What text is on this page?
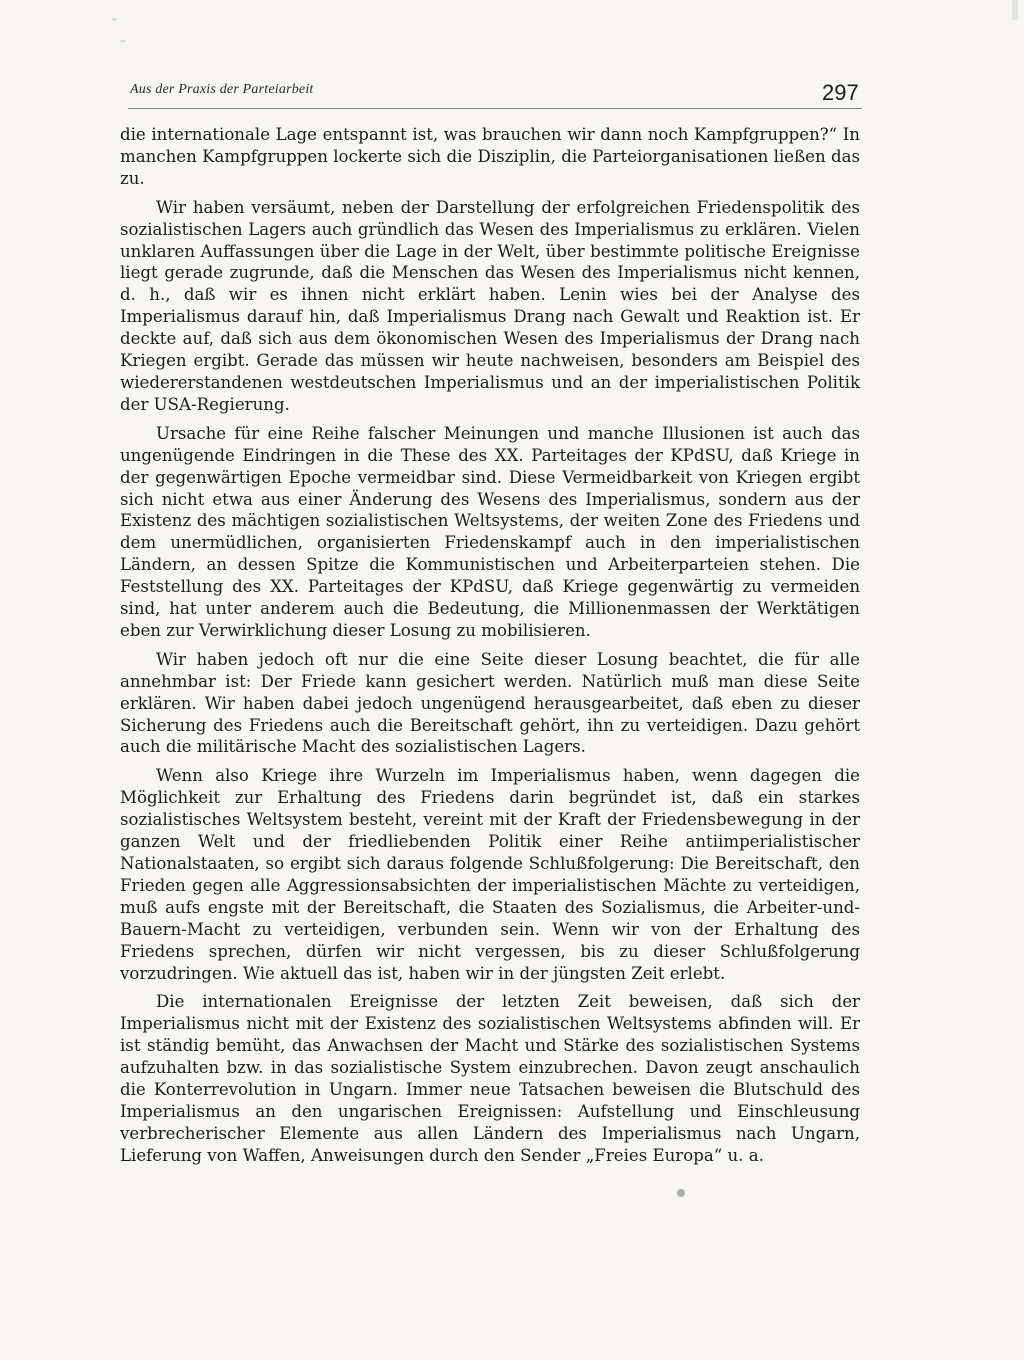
Aus der Praxis der Parteiarbeit	297

die internationale Lage entspannt ist, was brauchen wir dann noch Kampfgruppen?“ In manchen Kampfgruppen lockerte sich die Disziplin, die Parteiorganisationen ließen das zu.

Wir haben versäumt, neben der Darstellung der erfolgreichen Friedenspolitik des sozialistischen Lagers auch gründlich das Wesen des Imperialismus zu erklären. Vielen unklaren Auffassungen über die Lage in der Welt, über bestimmte politische Ereignisse liegt gerade zugrunde, daß die Menschen das Wesen des Imperialismus nicht kennen, d. h., daß wir es ihnen nicht erklärt haben. Lenin wies bei der Analyse des Imperialismus darauf hin, daß Imperialismus Drang nach Gewalt und Reaktion ist. Er deckte auf, daß sich aus dem ökonomischen Wesen des Imperialismus der Drang nach Kriegen ergibt. Gerade das müssen wir heute nachweisen, besonders am Beispiel des wiedererstandenen westdeutschen Imperialismus und an der imperialistischen Politik der USA-Regierung.

Ursache für eine Reihe falscher Meinungen und manche Illusionen ist auch das ungenügende Eindringen in die These des XX. Parteitages der KPdSU, daß Kriege in der gegenwärtigen Epoche vermeidbar sind. Diese Vermeidbarkeit von Kriegen ergibt sich nicht etwa aus einer Änderung des Wesens des Imperialismus, sondern aus der Existenz des mächtigen sozialistischen Weltsystems, der weiten Zone des Friedens und dem unermüdlichen, organisierten Friedenskampf auch in den imperialistischen Ländern, an dessen Spitze die Kommunistischen und Arbeiterparteien stehen. Die Feststellung des XX. Parteitages der KPdSU, daß Kriege gegenwärtig zu vermeiden sind, hat unter anderem auch die Bedeutung, die Millionenmassen der Werktätigen eben zur Verwirklichung dieser Losung zu mobilisieren.

Wir haben jedoch oft nur die eine Seite dieser Losung beachtet, die für alle annehmbar ist: Der Friede kann gesichert werden. Natürlich muß man diese Seite erklären. Wir haben dabei jedoch ungenügend herausgearbeitet, daß eben zu dieser Sicherung des Friedens auch die Bereitschaft gehört, ihn zu verteidigen. Dazu gehört auch die militärische Macht des sozialistischen Lagers.

Wenn also Kriege ihre Wurzeln im Imperialismus haben, wenn dagegen die Möglichkeit zur Erhaltung des Friedens darin begründet ist, daß ein starkes sozialistisches Weltsystem besteht, vereint mit der Kraft der Friedensbewegung in der ganzen Welt und der friedliebenden Politik einer Reihe antiimperialistischer Nationalstaaten, so ergibt sich daraus folgende Schlußfolgerung: Die Bereitschaft, den Frieden gegen alle Aggressionsabsichten der imperialistischen Mächte zu verteidigen, muß aufs engste mit der Bereitschaft, die Staaten des Sozialismus, die Arbeiter-und-Bauern-Macht zu verteidigen, verbunden sein. Wenn wir von der Erhaltung des Friedens sprechen, dürfen wir nicht vergessen, bis zu dieser Schlußfolgerung vorzudringen. Wie aktuell das ist, haben wir in der jüngsten Zeit erlebt.

Die internationalen Ereignisse der letzten Zeit beweisen, daß sich der Imperialismus nicht mit der Existenz des sozialistischen Weltsystems abfinden will. Er ist ständig bemüht, das Anwachsen der Macht und Stärke des sozialistischen Systems aufzuhalten bzw. in das sozialistische System einzubrechen. Davon zeugt anschaulich die Konterrevolution in Ungarn. Immer neue Tatsachen beweisen die Blutschuld des Imperialismus an den ungarischen Ereignissen: Aufstellung und Einschleusung verbrecherischer Elemente aus allen Ländern des Imperialismus nach Ungarn, Lieferung von Waffen, Anweisungen durch den Sender „Freies Europa“ u. a.
